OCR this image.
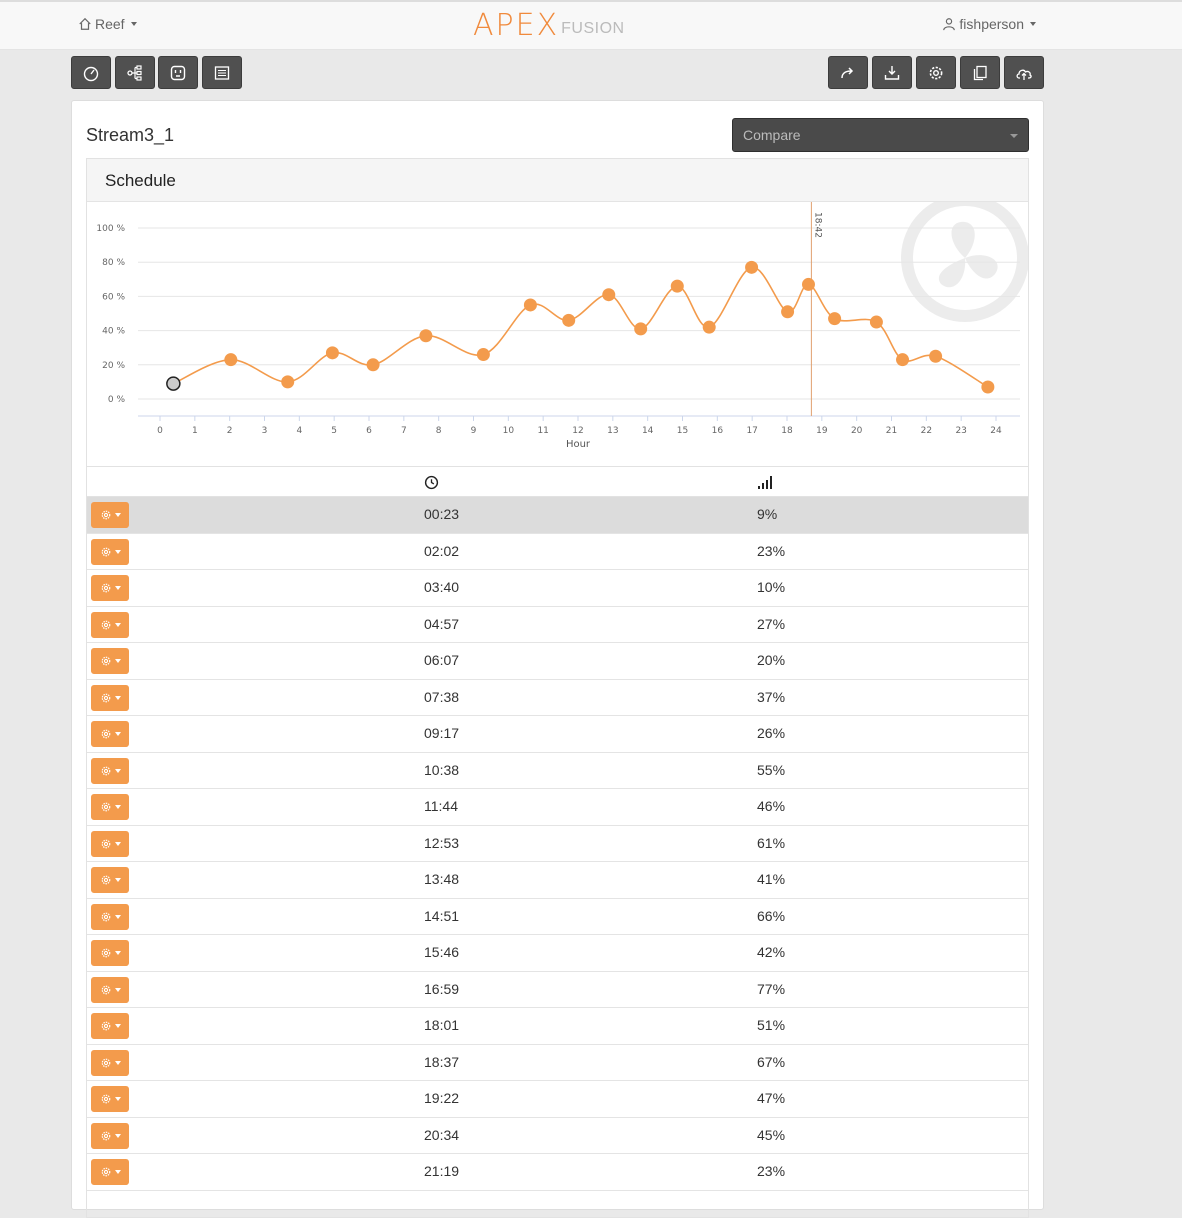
Reef	APEX FUSION	fishperson
Stream3_1	Compare
Schedule
0 %
20 %
40 %
60 %
80 %
100 %
0	1	2	3	4	5	6	7	8	9	10	11	12	13	14	15	16	17	18	19	20	21	22	23	24
Hour
18:42
00:23	9%
02:02	23%
03:40	10%
04:57	27%
06:07	20%
07:38	37%
09:17	26%
10:38	55%
11:44	46%
12:53	61%
13:48	41%
14:51	66%
15:46	42%
16:59	77%
18:01	51%
18:37	67%
19:22	47%
20:34	45%
21:19	23%
